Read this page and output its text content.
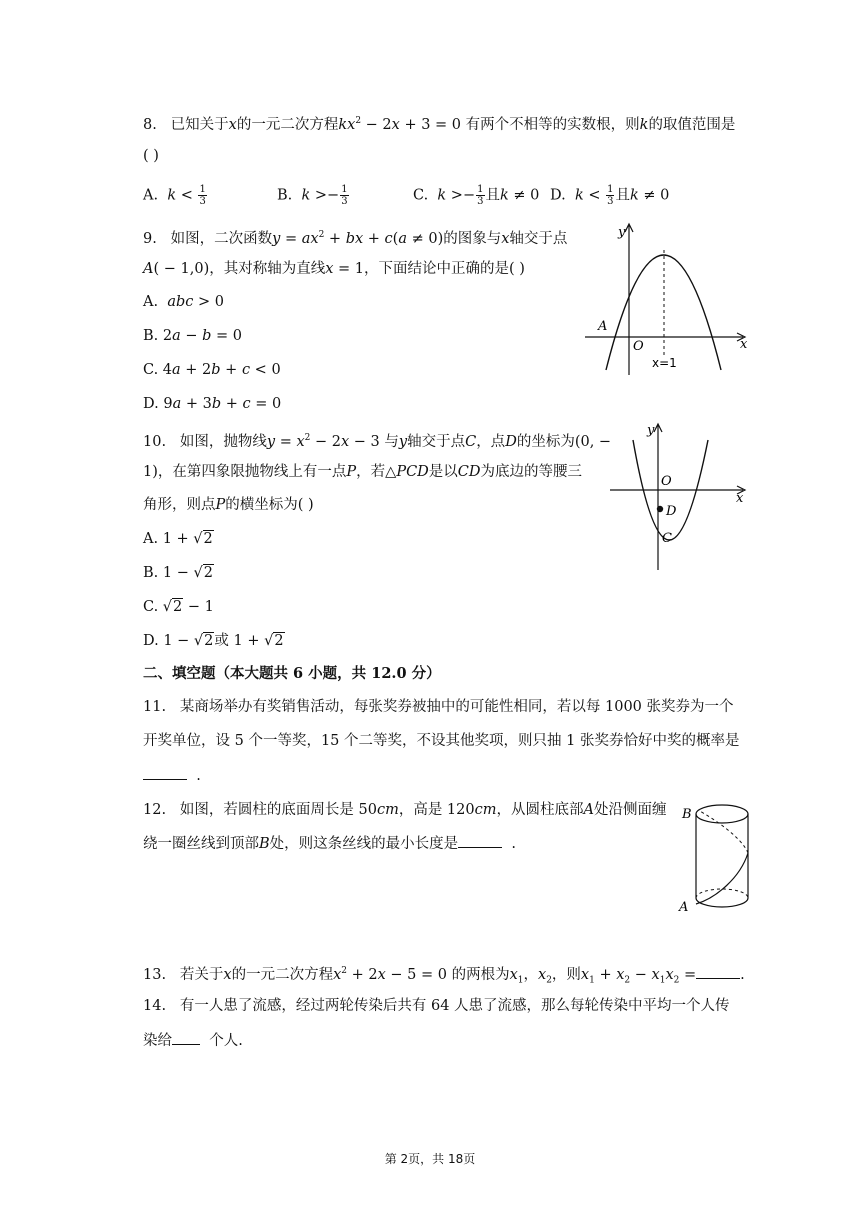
8. 已知关于x的一元二次方程$kx^2 - 2x + 3 = 0$ 有两个不相等的实数根，则k的取值范围是
( )
A. $k < \frac{1}{3}$	B. $k >- \frac{1}{3}$	C. $k >- \frac{1}{3}$ 且k ≠ 0 D. $k < \frac{1}{3}$ 且k ≠ 0
9. 如图，二次函数$y = ax^2$ + bx + c(a ≠ 0)的图象与x轴交于点
A( − 1,0)，其对称轴为直线x = 1，下面结论中正确的是( )
A. abc > 0
B. 2a − b = 0
C. 4a + 2b + c < 0
D. 9a + 3b + c = 0
y
x
A
O
x=1
10. 如图，抛物线$y = x^2 - 2x - 3$ 与y轴交于点C，点D的坐标为(0, −
1)，在第四象限抛物线上有一点P，若△PCD是以CD为底边的等腰三
角形，则点P的横坐标为( )
A. 1 + √2
B. 1 − √2
C. √2 − 1
D. 1 − √2或 1 + √2
y
x
O
D
C
二、填空题（本大题共 6 小题，共 12.0 分）
11. 某商场举办有奖销售活动，每张奖券被抽中的可能性相同，若以每 1000 张奖券为一个
开奖单位，设 5 个一等奖，15 个二等奖，不设其他奖项，则只抽 1 张奖券恰好中奖的概率是
.
12. 如图，若圆柱的底面周长是 50cm，高是 120cm，从圆柱底部A处沿侧面缠
绕一圈丝线到顶部B处，则这条丝线的最小长度是	.
B
A
13. 若关于x的一元二次方程$x^2 + 2x - 5 = 0$ 的两根为$x_1$，$x_2$，则$x_1 + x_2 - x_1x_2$ =	.
14. 有一人患了流感，经过两轮传染后共有 64 人患了流感，那么每轮传染中平均一个人传
染给	个人.
第 2页，共 18页
